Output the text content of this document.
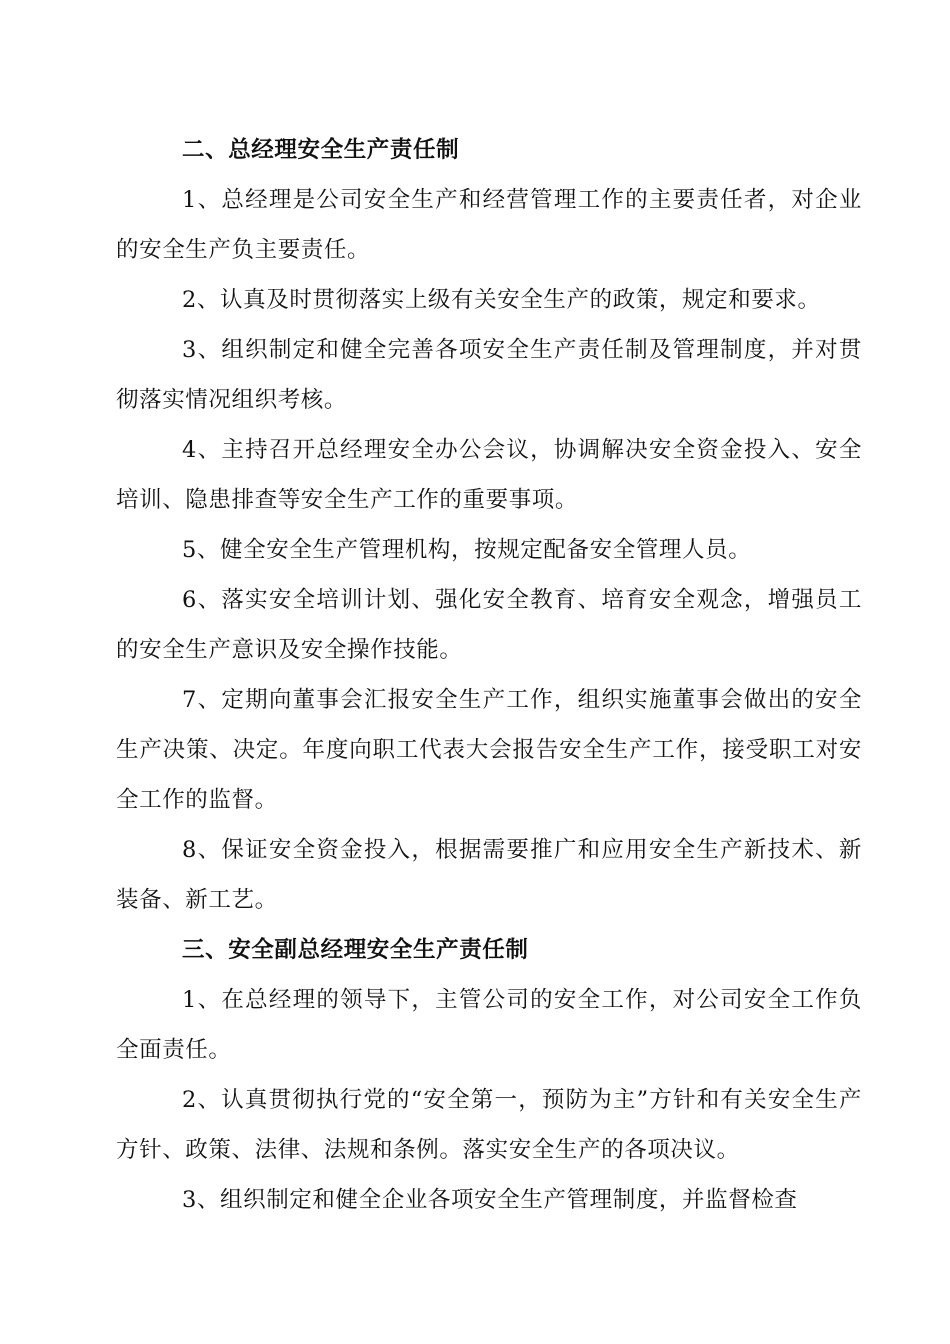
二、总经理安全生产责任制

1、总经理是公司安全生产和经营管理工作的主要责任者，对企业的安全生产负主要责任。

2、认真及时贯彻落实上级有关安全生产的政策，规定和要求。

3、组织制定和健全完善各项安全生产责任制及管理制度，并对贯彻落实情况组织考核。

4、主持召开总经理安全办公会议，协调解决安全资金投入、安全培训、隐患排查等安全生产工作的重要事项。

5、健全安全生产管理机构，按规定配备安全管理人员。

6、落实安全培训计划、强化安全教育、培育安全观念，增强员工的安全生产意识及安全操作技能。

7、定期向董事会汇报安全生产工作，组织实施董事会做出的安全生产决策、决定。年度向职工代表大会报告安全生产工作，接受职工对安全工作的监督。

8、保证安全资金投入，根据需要推广和应用安全生产新技术、新装备、新工艺。

三、安全副总经理安全生产责任制

1、在总经理的领导下，主管公司的安全工作，对公司安全工作负全面责任。

2、认真贯彻执行党的“安全第一，预防为主”方针和有关安全生产方针、政策、法律、法规和条例。落实安全生产的各项决议。

3、组织制定和健全企业各项安全生产管理制度，并监督检查
